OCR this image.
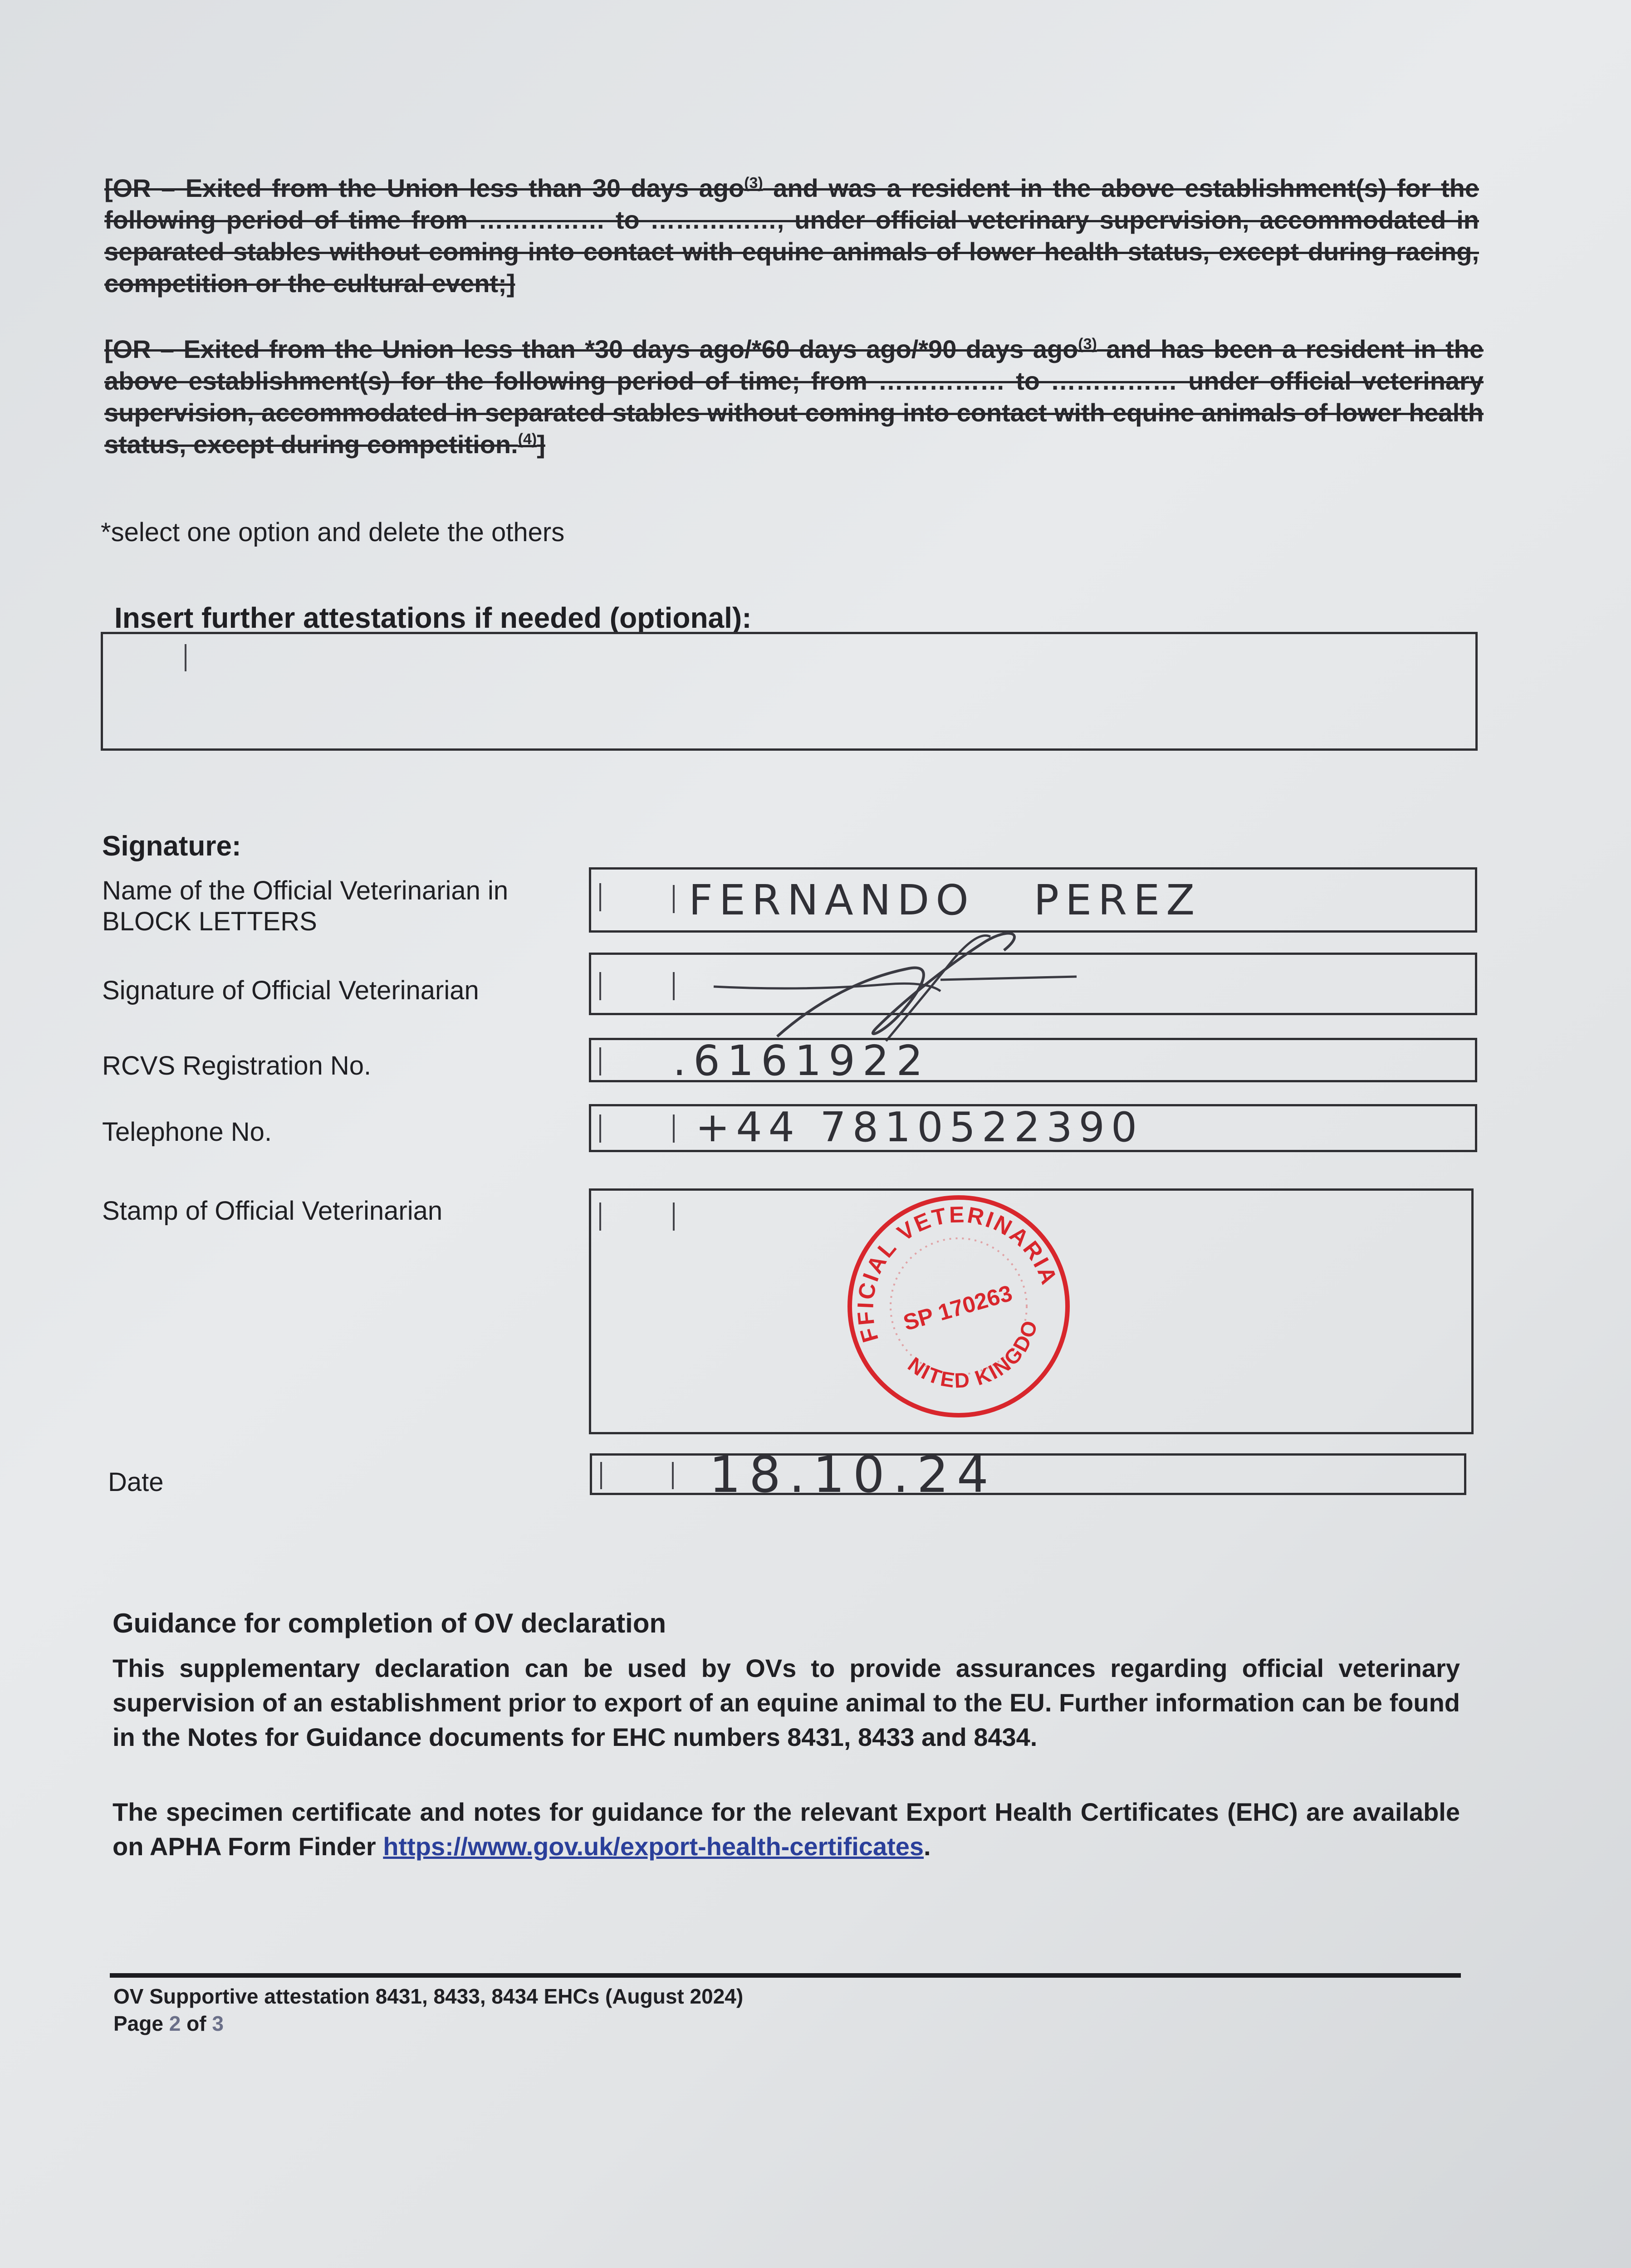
[OR – Exited from the Union less than 30 days ago$^{(3)}$ and was a resident in the above establishment(s) for the following period of time from …………… to ……………, under official veterinary supervision, accommodated in separated stables without coming into contact with equine animals of lower health status, except during racing, competition or the cultural event;]

[OR – Exited from the Union less than *30 days ago/*60 days ago/*90 days ago$^{(3)}$ and has been a resident in the above establishment(s) for the following period of time; from …………… to …………… under official veterinary supervision, accommodated in separated stables without coming into contact with equine animals of lower health status, except during competition.$^{(4)}$]

*select one option and delete the others

Insert further attestations if needed (optional):

Signature:

Name of the Official Veterinarian in BLOCK LETTERS	FERNANDO   PEREZ

Signature of Official Veterinarian

RCVS Registration No.	.6161922

Telephone No.	+44 7810522390

Stamp of Official Veterinarian	OFFICIAL VETERINARIAN
SP 170263
UNITED KINGDOM

Date	18.10.24

Guidance for completion of OV declaration

This supplementary declaration can be used by OVs to provide assurances regarding official veterinary supervision of an establishment prior to export of an equine animal to the EU. Further information can be found in the Notes for Guidance documents for EHC numbers 8431, 8433 and 8434.

The specimen certificate and notes for guidance for the relevant Export Health Certificates (EHC) are available on APHA Form Finder https://www.gov.uk/export-health-certificates.

OV Supportive attestation 8431, 8433, 8434 EHCs (August 2024)

Page 2 of 3
